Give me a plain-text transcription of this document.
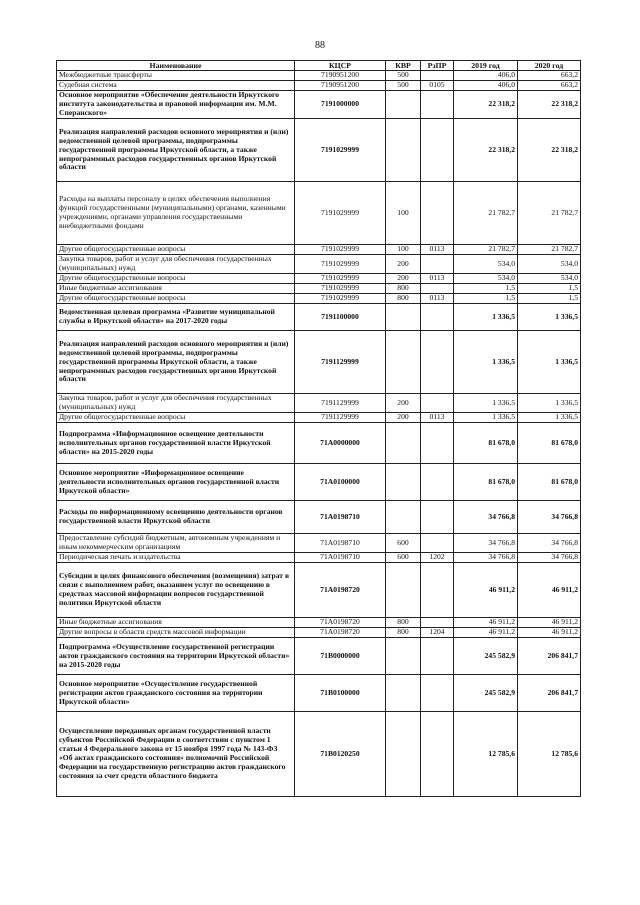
88
Наименование	КЦСР	КВР	РзПР	2019 год	2020 год
Межбюджетные трансферты	7190951200	500		406,0	663,2
Судебная система	7190951200	500	0105	406,0	663,2
Основное мероприятие «Обеспечение деятельности Иркутского института законодательства и правовой информации им. М.М. Сперанского»	7191000000			22 318,2	22 318,2
Реализация направлений расходов основного мероприятия и (или) ведомственной целевой программы, подпрограммы государственной программы Иркутской области, а также непрограммных расходов государственных органов Иркутской области	7191029999			22 318,2	22 318,2
Расходы на выплаты персоналу в целях обеспечения выполнения функций государственными (муниципальными) органами, казенными учреждениями, органами управления государственными внебюджетными фондами	7191029999	100		21 782,7	21 782,7
Другие общегосударственные вопросы	7191029999	100	0113	21 782,7	21 782,7
Закупка товаров, работ и услуг для обеспечения государственных (муниципальных) нужд	7191029999	200		534,0	534,0
Другие общегосударственные вопросы	7191029999	200	0113	534,0	534,0
Иные бюджетные ассигнования	7191029999	800		1,5	1,5
Другие общегосударственные вопросы	7191029999	800	0113	1,5	1,5
Ведомственная целевая программа «Развитие муниципальной службы в Иркутской области» на 2017-2020 годы	7191100000			1 336,5	1 336,5
Реализация направлений расходов основного мероприятия и (или) ведомственной целевой программы, подпрограммы государственной программы Иркутской области, а также непрограммных расходов государственных органов Иркутской области	7191129999			1 336,5	1 336,5
Закупка товаров, работ и услуг для обеспечения государственных (муниципальных) нужд	7191129999	200		1 336,5	1 336,5
Другие общегосударственные вопросы	7191129999	200	0113	1 336,5	1 336,5
Подпрограмма «Информационное освещение деятельности исполнительных органов государственной власти Иркутской области» на 2015-2020 годы	71А0000000			81 678,0	81 678,0
Основное мероприятие «Информационное освещение деятельности исполнительных органов государственной власти Иркутской области»	71А0100000			81 678,0	81 678,0
Расходы по информационному освещению деятельности органов государственной власти Иркутской области	71А0198710			34 766,8	34 766,8
Предоставление субсидий бюджетным, автономным учреждениям и иным некоммерческим организациям	71А0198710	600		34 766,8	34 766,8
Периодическая печать и издательства	71А0198710	600	1202	34 766,8	34 766,8
Субсидии в целях финансового обеспечения (возмещения) затрат в связи с выполнением работ, оказанием услуг по освещению в средствах массовой информации вопросов государственной политики Иркутской области	71А0198720			46 911,2	46 911,2
Иные бюджетные ассигнования	71А0198720	800		46 911,2	46 911,2
Другие вопросы в области средств массовой информации	71А0198720	800	1204	46 911,2	46 911,2
Подпрограмма «Осуществление государственной регистрации актов гражданского состояния на территории Иркутской области» на 2015-2020 годы	71В0000000			245 582,9	206 841,7
Основное мероприятие «Осуществление государственной регистрации актов гражданского состояния на территории Иркутской области»	71В0100000			245 582,9	206 841,7
Осуществление переданных органам государственной власти субъектов Российской Федерации в соответствии с пунктом 1 статьи 4 Федерального закона от 15 ноября 1997 года № 143-ФЗ «Об актах гражданского состояния» полномочий Российской Федерации на государственную регистрацию актов гражданского состояния за счет средств областного бюджета	71В0120250			12 785,6	12 785,6
